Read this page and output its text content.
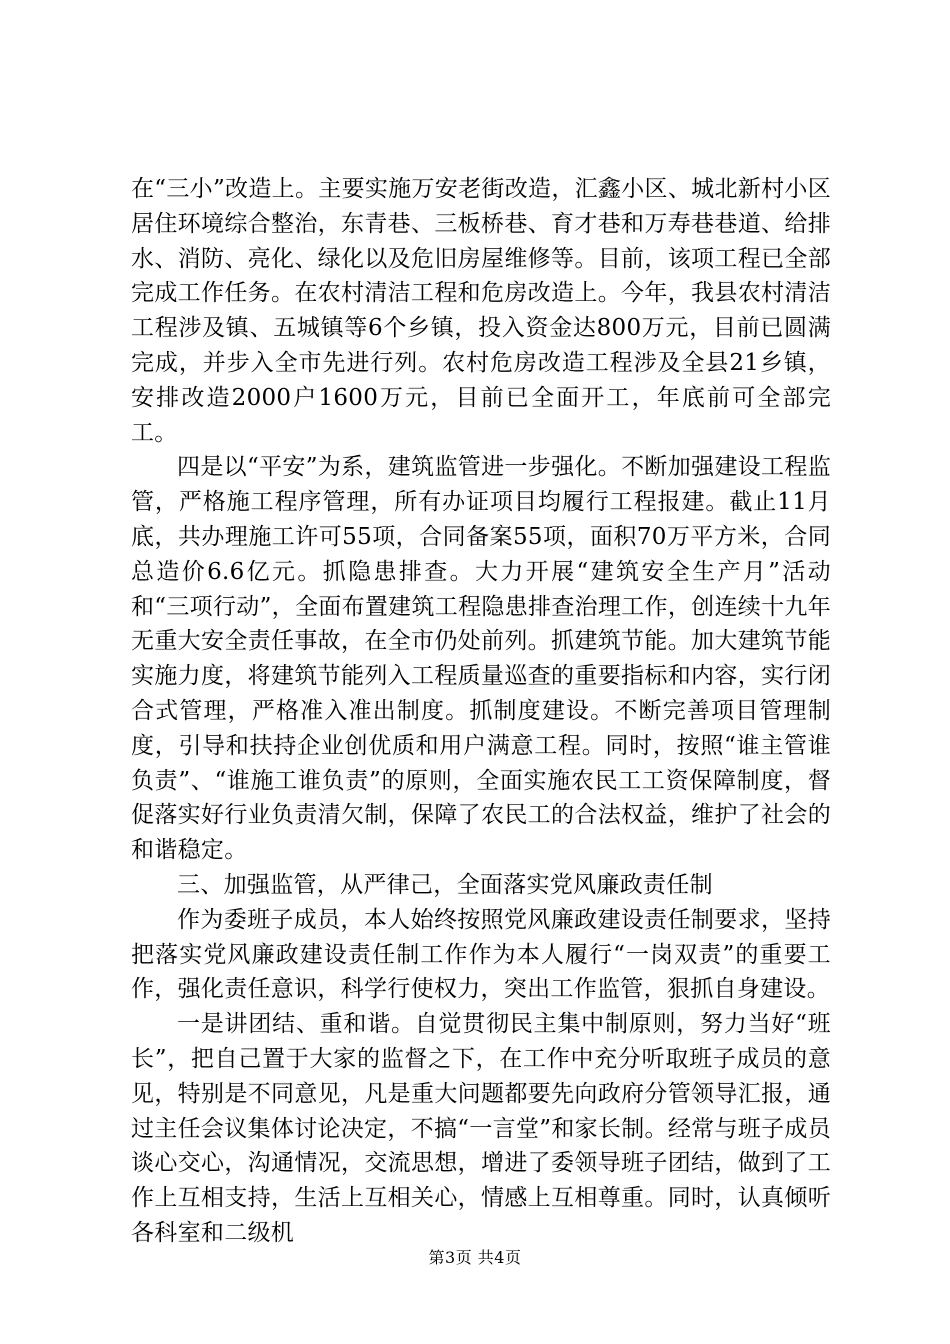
在“三小”改造上。主要实施万安老街改造，汇鑫小区、城北新村小区居住环境综合整治，东青巷、三板桥巷、育才巷和万寿巷巷道、给排水、消防、亮化、绿化以及危旧房屋维修等。目前，该项工程已全部完成工作任务。在农村清洁工程和危房改造上。今年，我县农村清洁工程涉及镇、五城镇等6个乡镇，投入资金达800万元，目前已圆满完成，并步入全市先进行列。农村危房改造工程涉及全县21乡镇，安排改造2000户1600万元，目前已全面开工，年底前可全部完工。

四是以“平安”为系，建筑监管进一步强化。不断加强建设工程监管，严格施工程序管理，所有办证项目均履行工程报建。截止11月底，共办理施工许可55项，合同备案55项，面积70万平方米，合同总造价6.6亿元。抓隐患排查。大力开展“建筑安全生产月”活动和“三项行动”，全面布置建筑工程隐患排查治理工作，创连续十九年无重大安全责任事故，在全市仍处前列。抓建筑节能。加大建筑节能实施力度，将建筑节能列入工程质量巡查的重要指标和内容，实行闭合式管理，严格准入准出制度。抓制度建设。不断完善项目管理制度，引导和扶持企业创优质和用户满意工程。同时，按照“谁主管谁负责”、“谁施工谁负责”的原则，全面实施农民工工资保障制度，督促落实好行业负责清欠制，保障了农民工的合法权益，维护了社会的和谐稳定。

三、加强监管，从严律己，全面落实党风廉政责任制

作为委班子成员，本人始终按照党风廉政建设责任制要求，坚持把落实党风廉政建设责任制工作作为本人履行“一岗双责”的重要工作，强化责任意识，科学行使权力，突出工作监管，狠抓自身建设。

一是讲团结、重和谐。自觉贯彻民主集中制原则，努力当好“班长”，把自己置于大家的监督之下，在工作中充分听取班子成员的意见，特别是不同意见，凡是重大问题都要先向政府分管领导汇报，通过主任会议集体讨论决定，不搞“一言堂”和家长制。经常与班子成员谈心交心，沟通情况，交流思想，增进了委领导班子团结，做到了工作上互相支持，生活上互相关心，情感上互相尊重。同时，认真倾听各科室和二级机

第3页 共4页
